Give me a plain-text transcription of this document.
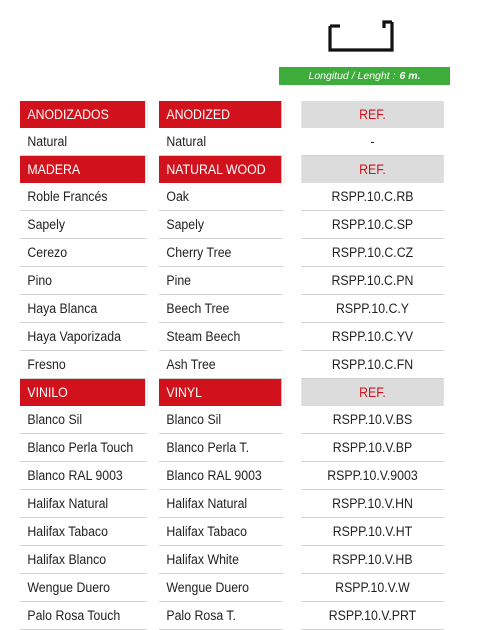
Longitud / Lenght : 6 m.
ANODIZADOS	ANODIZED	REF.
Natural	Natural	-
MADERA	NATURAL WOOD	REF.
Roble Francés	Oak	RSPP.10.C.RB
Sapely	Sapely	RSPP.10.C.SP
Cerezo	Cherry Tree	RSPP.10.C.CZ
Pino	Pine	RSPP.10.C.PN
Haya Blanca	Beech Tree	RSPP.10.C.Y
Haya Vaporizada	Steam Beech	RSPP.10.C.YV
Fresno	Ash Tree	RSPP.10.C.FN
VINILO	VINYL	REF.
Blanco Sil	Blanco Sil	RSPP.10.V.BS
Blanco Perla Touch	Blanco Perla T.	RSPP.10.V.BP
Blanco RAL 9003	Blanco RAL 9003	RSPP.10.V.9003
Halifax Natural	Halifax Natural	RSPP.10.V.HN
Halifax Tabaco	Halifax Tabaco	RSPP.10.V.HT
Halifax Blanco	Halifax White	RSPP.10.V.HB
Wengue Duero	Wengue Duero	RSPP.10.V.W
Palo Rosa Touch	Palo Rosa T.	RSPP.10.V.PRT
